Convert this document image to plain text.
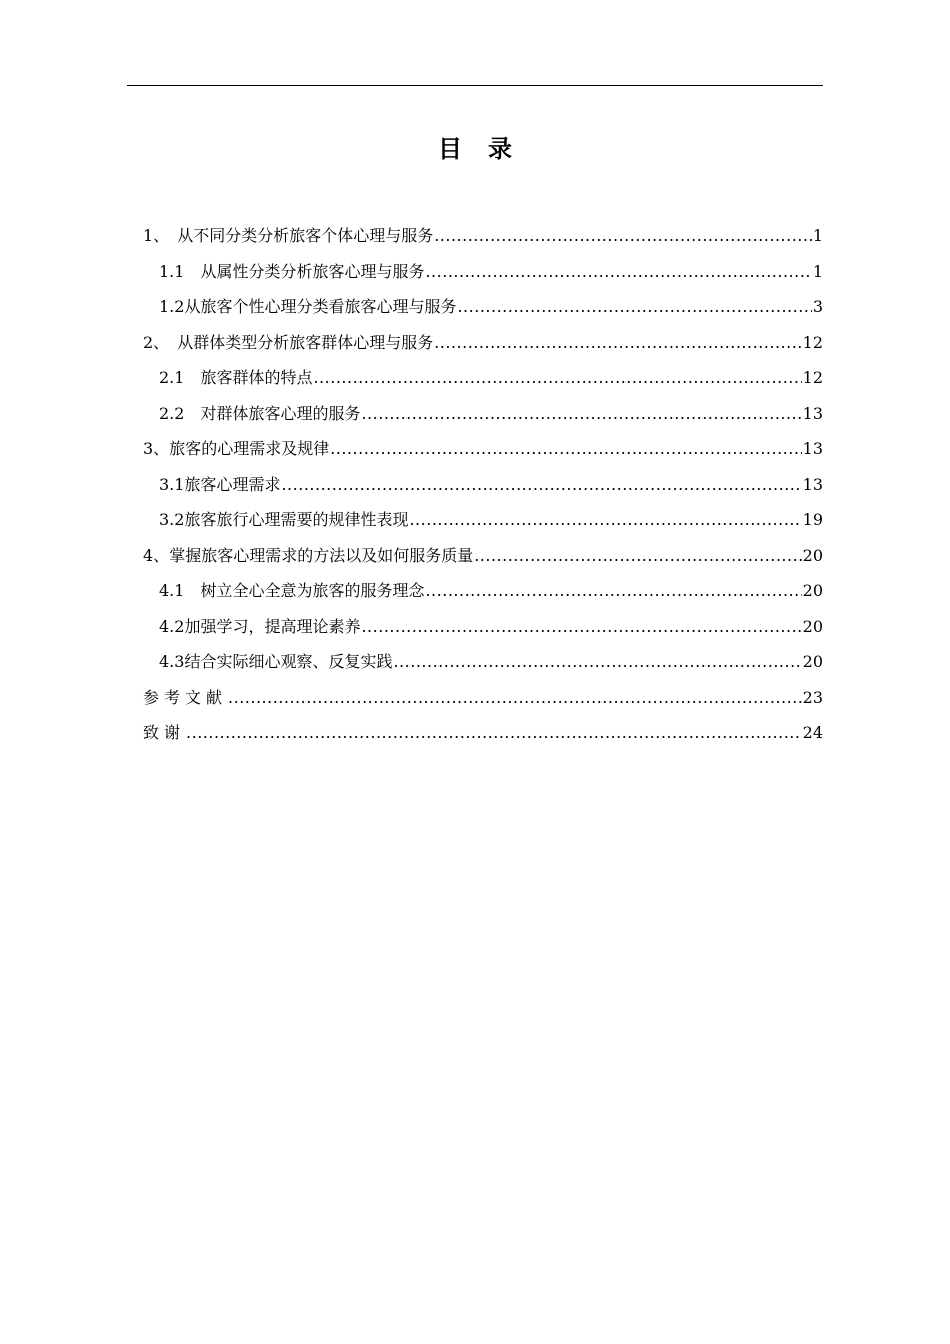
目录
1、　 从不同分类分析旅客个体心理与服务 .....	1
1.1　 从属性分类分析旅客心理与服务 .....	1
1.2 从旅客个性心理分类看旅客心理与服务 .....	3
2、　 从群体类型分析旅客群体心理与服务 .....	12
2.1　 旅客群体的特点 .....	12
2.2　 对群体旅客心理的服务 .....	13
3、 旅客的心理需求及规律 .....	13
3.1 旅客心理需求 .....	13
3.2 旅客旅行心理需要的规律性表现 .....	19
4、 掌握旅客心理需求的方法以及如何服务质量 .....	20
4.1　 树立全心全意为旅客的服务理念 .....	20
4.2 加强学习，提高理论素养 .....	20
4.3 结合实际细心观察、反复实践 .....	20
参考文献 .....	23
致谢 .....	24
